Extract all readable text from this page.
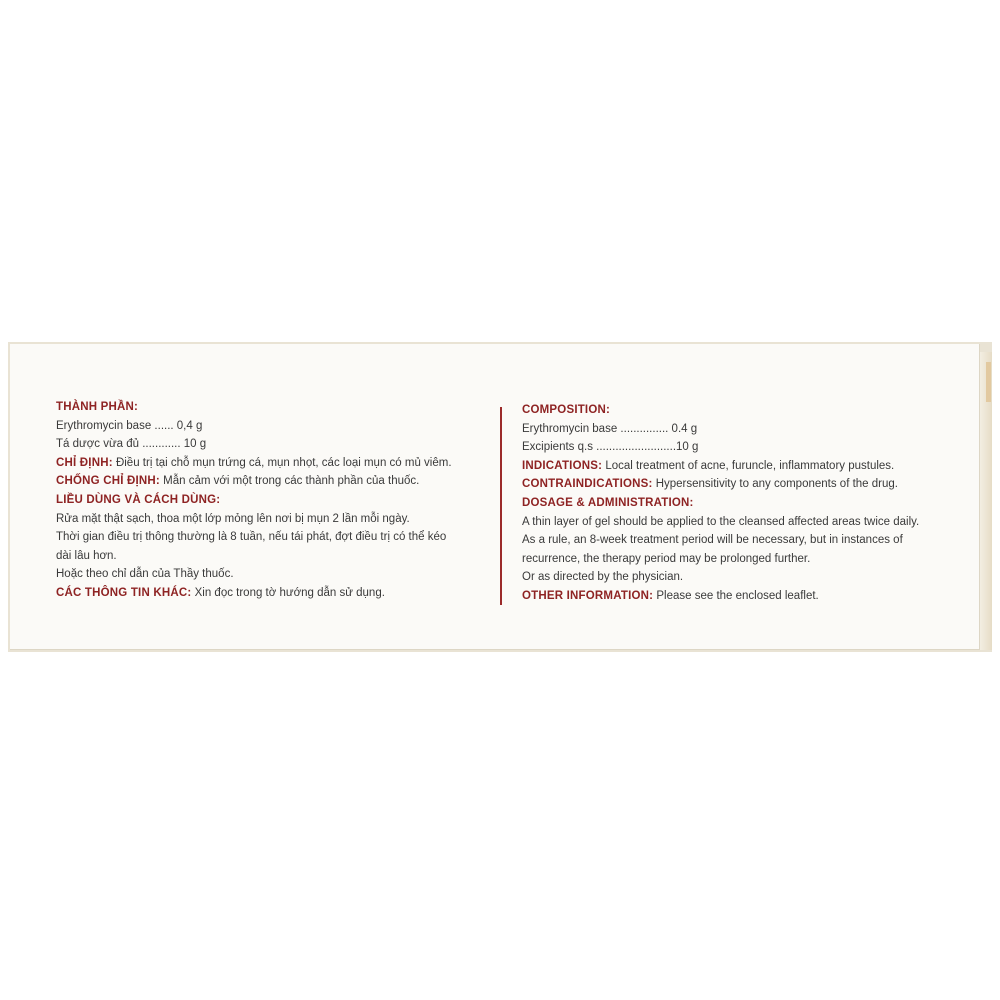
THÀNH PHẦN:
Erythromycin base ...... 0,4 g
Tá dược vừa đủ ............ 10 g
CHỈ ĐỊNH: Điều trị tại chỗ mụn trứng cá, mụn nhọt, các loại mụn có mủ viêm.
CHỐNG CHỈ ĐỊNH: Mẫn cảm với một trong các thành phần của thuốc.
LIỀU DÙNG VÀ CÁCH DÙNG:
Rửa mặt thật sạch, thoa một lớp mỏng lên nơi bị mụn 2 lần mỗi ngày.
Thời gian điều trị thông thường là 8 tuần, nếu tái phát, đợt điều trị có thể kéo
dài lâu hơn.
Hoặc theo chỉ dẫn của Thầy thuốc.
CÁC THÔNG TIN KHÁC: Xin đọc trong tờ hướng dẫn sử dụng.
COMPOSITION:
Erythromycin base ............... 0.4 g
Excipients q.s .........................10 g
INDICATIONS: Local treatment of acne, furuncle, inflammatory pustules.
CONTRAINDICATIONS: Hypersensitivity to any components of the drug.
DOSAGE & ADMINISTRATION:
A thin layer of gel should be applied to the cleansed affected areas twice daily.
As a rule, an 8-week treatment period will be necessary, but in instances of
recurrence, the therapy period may be prolonged further.
Or as directed by the physician.
OTHER INFORMATION: Please see the enclosed leaflet.
